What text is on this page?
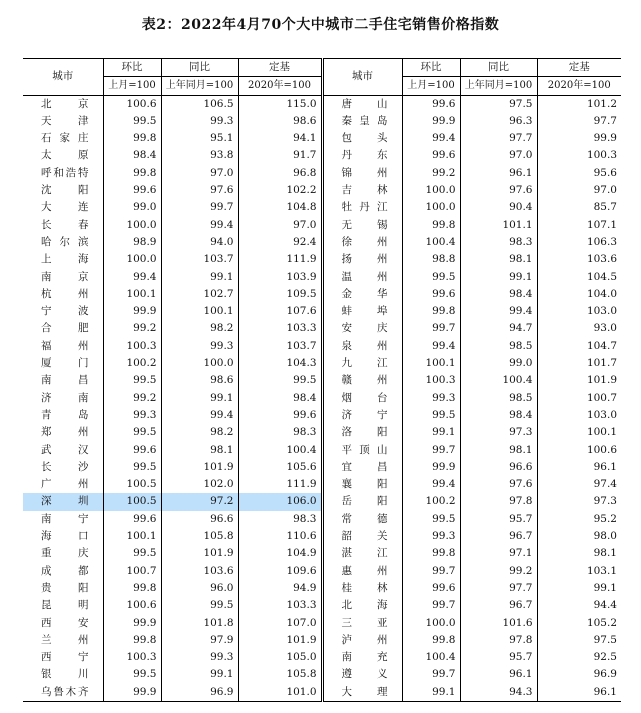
表2：2022年4月70个大中城市二手住宅销售价格指数
城市	环比	同比	定基	城市	环比	同比	定基
	上月=100	上年同月=100	2020年=100		上月=100	上年同月=100	2020年=100
北　京	100.6	106.5	115.0	唐　山	99.6	97.5	101.2
天　津	99.5	99.3	98.6	秦皇岛	99.9	96.3	97.7
石家庄	99.8	95.1	94.1	包　头	99.4	97.7	99.9
太　原	98.4	93.8	91.7	丹　东	99.6	97.0	100.3
呼和浩特	99.8	97.0	96.8	锦　州	99.2	96.1	95.6
沈　阳	99.6	97.6	102.2	吉　林	100.0	97.6	97.0
大　连	99.0	99.7	104.8	牡丹江	100.0	90.4	85.7
长　春	100.0	99.4	97.0	无　锡	99.8	101.1	107.1
哈尔滨	98.9	94.0	92.4	徐　州	100.4	98.3	106.3
上　海	100.0	103.7	111.9	扬　州	98.8	98.1	103.6
南　京	99.4	99.1	103.9	温　州	99.5	99.1	104.5
杭　州	100.1	102.7	109.5	金　华	99.6	98.4	104.0
宁　波	99.9	100.1	107.6	蚌　埠	99.8	99.4	103.0
合　肥	99.2	98.2	103.3	安　庆	99.7	94.7	93.0
福　州	100.3	99.3	103.7	泉　州	99.4	98.5	104.7
厦　门	100.2	100.0	104.3	九　江	100.1	99.0	101.7
南　昌	99.5	98.6	99.5	赣　州	100.3	100.4	101.9
济　南	99.2	99.1	98.4	烟　台	99.3	98.5	100.7
青　岛	99.3	99.4	99.6	济　宁	99.5	98.4	103.0
郑　州	99.5	98.2	98.3	洛　阳	99.1	97.3	100.1
武　汉	99.6	98.1	100.4	平顶山	99.7	98.1	100.6
长　沙	99.5	101.9	105.6	宜　昌	99.9	96.6	96.1
广　州	100.5	102.0	111.9	襄　阳	99.4	97.6	97.4
深　圳	100.5	97.2	106.0	岳　阳	100.2	97.8	97.3
南　宁	99.6	96.6	98.3	常　德	99.5	95.7	95.2
海　口	100.1	105.8	110.6	韶　关	99.3	96.7	98.0
重　庆	99.5	101.9	104.9	湛　江	99.8	97.1	98.1
成　都	100.7	103.6	109.6	惠　州	99.7	99.2	103.1
贵　阳	99.8	96.0	94.9	桂　林	99.6	97.7	99.1
昆　明	100.6	99.5	103.3	北　海	99.7	96.7	94.4
西　安	99.9	101.8	107.0	三　亚	100.0	101.6	105.2
兰　州	99.8	97.9	101.9	泸　州	99.8	97.8	97.5
西　宁	100.3	99.3	105.0	南　充	100.4	95.7	92.5
银　川	99.5	99.1	105.8	遵　义	99.7	96.1	96.9
乌鲁木齐	99.9	96.9	101.0	大　理	99.1	94.3	96.1
